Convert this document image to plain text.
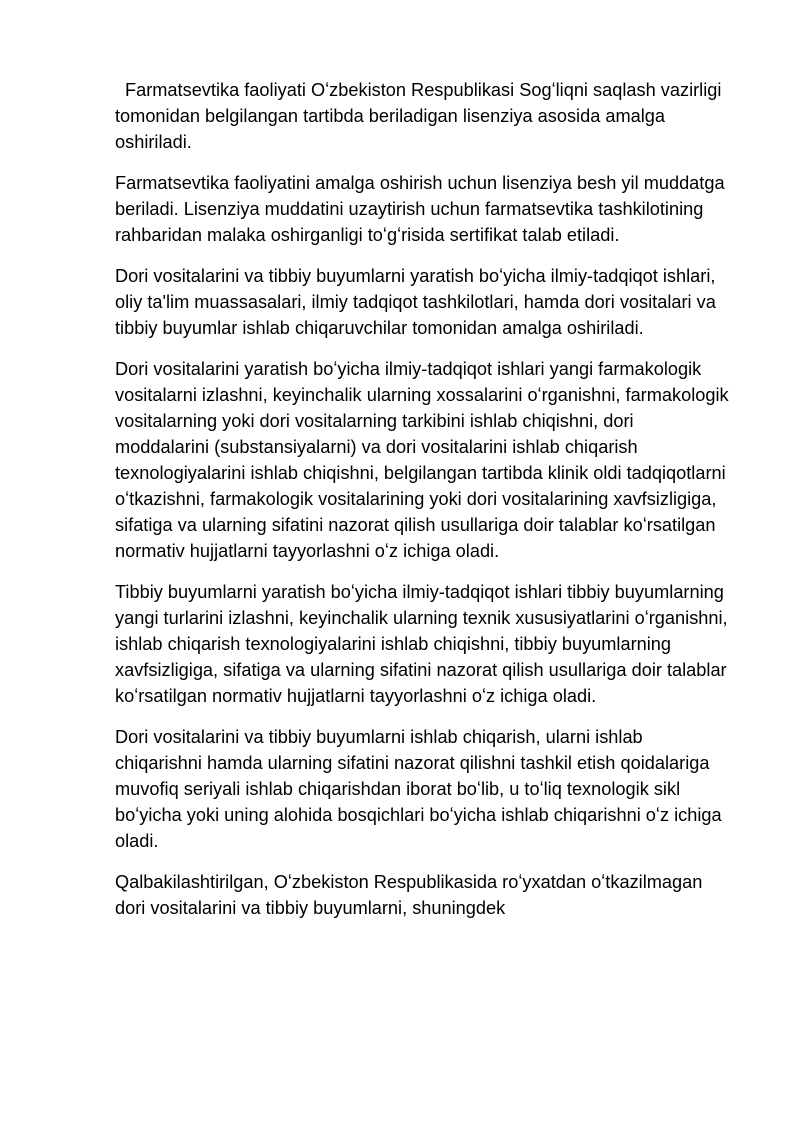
Farmatsevtika faoliyati Oʻzbekiston Respublikasi Sogʻliqni saqlash vazirligi tomonidan belgilangan tartibda beriladigan lisenziya asosida amalga oshiriladi.

Farmatsevtika faoliyatini amalga oshirish uchun lisenziya besh yil muddatga beriladi. Lisenziya muddatini uzaytirish uchun farmatsevtika tashkilotining rahbaridan malaka oshirganligi toʻgʻrisida sertifikat talab etiladi.

Dori vositalarini va tibbiy buyumlarni yaratish boʻyicha ilmiy-tadqiqot ishlari, oliy ta'lim muassasalari, ilmiy tadqiqot tashkilotlari, hamda dori vositalari va tibbiy buyumlar ishlab chiqaruvchilar tomonidan amalga oshiriladi.

Dori vositalarini yaratish boʻyicha ilmiy-tadqiqot ishlari yangi farmakologik vositalarni izlashni, keyinchalik ularning xossalarini oʻrganishni, farmakologik vositalarning yoki dori vositalarning tarkibini ishlab chiqishni, dori moddalarini (substansiyalarni) va dori vositalarini ishlab chiqarish texnologiyalarini ishlab chiqishni, belgilangan tartibda klinik oldi tadqiqotlarni oʻtkazishni, farmakologik vositalarining yoki dori vositalarining xavfsizligiga, sifatiga va ularning sifatini nazorat qilish usullariga doir talablar koʻrsatilgan normativ hujjatlarni tayyorlashni oʻz ichiga oladi.

Tibbiy buyumlarni yaratish boʻyicha ilmiy-tadqiqot ishlari tibbiy buyumlarning yangi turlarini izlashni, keyinchalik ularning texnik xususiyatlarini oʻrganishni, ishlab chiqarish texnologiyalarini ishlab chiqishni, tibbiy buyumlarning xavfsizligiga, sifatiga va ularning sifatini nazorat qilish usullariga doir talablar koʻrsatilgan normativ hujjatlarni tayyorlashni oʻz ichiga oladi.

Dori vositalarini va tibbiy buyumlarni ishlab chiqarish, ularni ishlab chiqarishni hamda ularning sifatini nazorat qilishni tashkil etish qoidalariga muvofiq seriyali ishlab chiqarishdan iborat boʻlib, u toʻliq texnologik sikl boʻyicha yoki uning alohida bosqichlari boʻyicha ishlab chiqarishni oʻz ichiga oladi.

Qalbakilashtirilgan, Oʻzbekiston Respublikasida roʻyxatdan oʻtkazilmagan dori vositalarini va tibbiy buyumlarni, shuningdek
